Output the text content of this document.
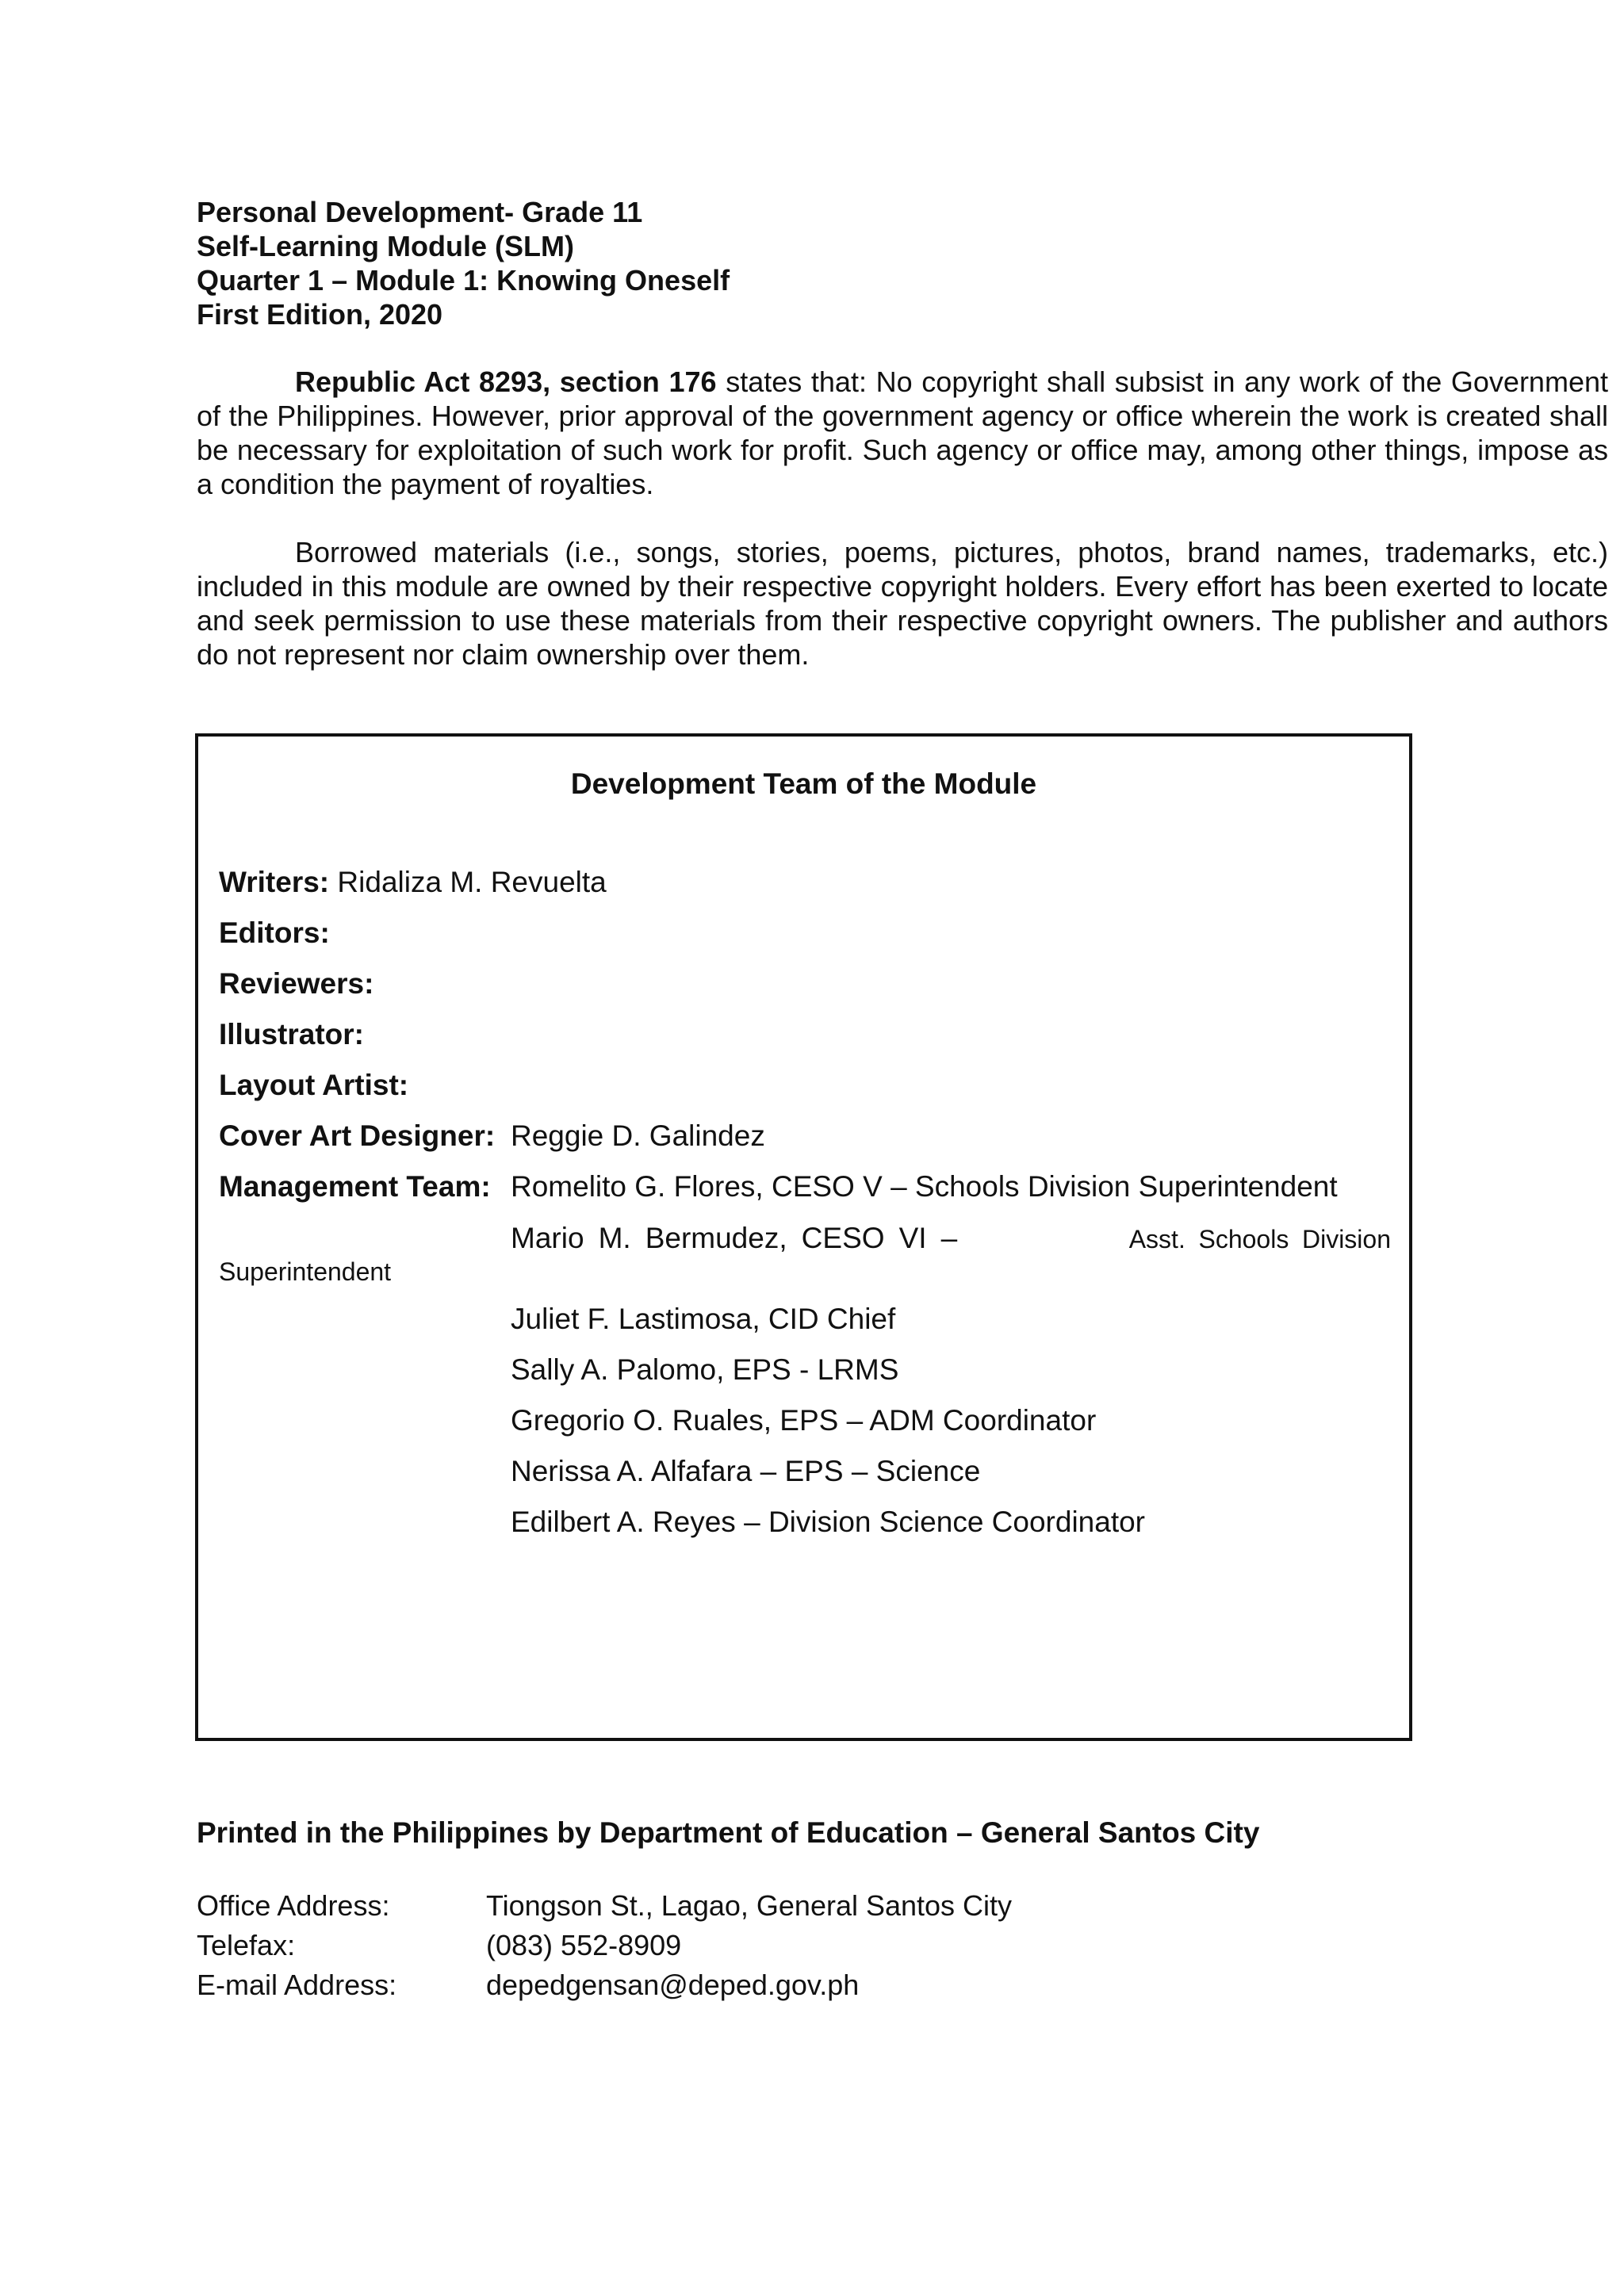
Personal Development- Grade 11
Self-Learning Module (SLM)
Quarter 1 – Module 1: Knowing Oneself
First Edition, 2020
Republic Act 8293, section 176 states that: No copyright shall subsist in any work of the Government of the Philippines. However, prior approval of the government agency or office wherein the work is created shall be necessary for exploitation of such work for profit. Such agency or office may, among other things, impose as a condition the payment of royalties.
Borrowed materials (i.e., songs, stories, poems, pictures, photos, brand names, trademarks, etc.) included in this module are owned by their respective copyright holders. Every effort has been exerted to locate and seek permission to use these materials from their respective copyright owners. The publisher and authors do not represent nor claim ownership over them.
Development Team of the Module
Writers: Ridaliza M. Revuelta
Editors:
Reviewers:
Illustrator:
Layout Artist:
Cover Art Designer: Reggie D. Galindez
Management Team: Romelito G. Flores, CESO V – Schools Division Superintendent
Mario M. Bermudez, CESO VI –	Asst. Schools Division
Superintendent
Juliet F. Lastimosa, CID Chief
Sally A. Palomo, EPS - LRMS
Gregorio O. Ruales, EPS – ADM Coordinator
Nerissa A. Alfafara – EPS – Science
Edilbert A. Reyes – Division Science Coordinator
Printed in the Philippines by Department of Education – General Santos City
Office Address:	Tiongson St., Lagao, General Santos City
Telefax:	(083) 552-8909
E-mail Address:	depedgensan@deped.gov.ph
